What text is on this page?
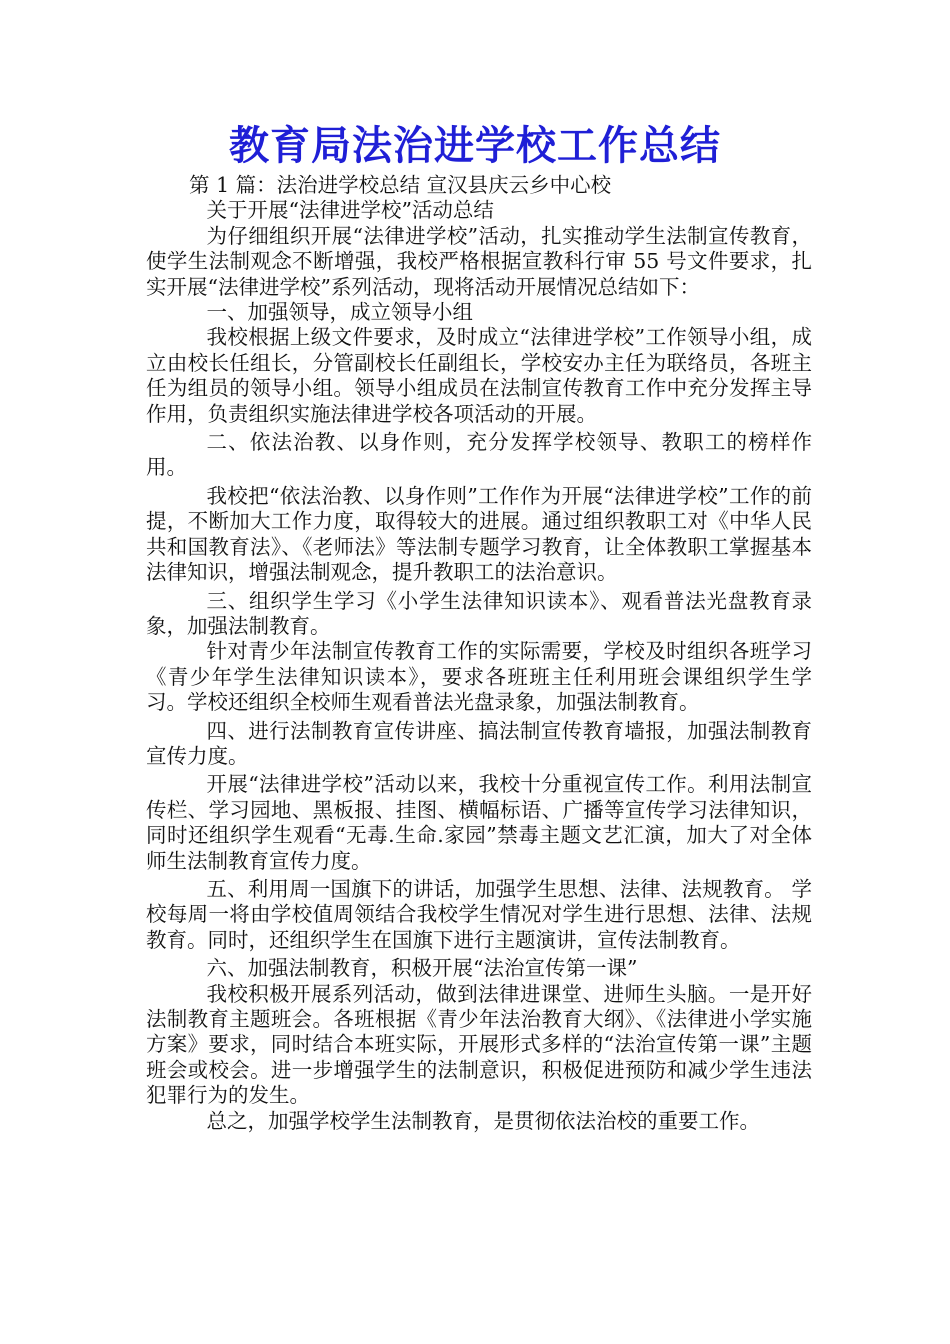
教育局法治进学校工作总结

第 1 篇：法治进学校总结 宣汉县庆云乡中心校

关于开展“法律进学校”活动总结

为仔细组织开展“法律进学校”活动，扎实推动学生法制宣传教育，使学生法制观念不断增强，我校严格根据宣教科行审 55 号文件要求，扎实开展“法律进学校”系列活动，现将活动开展情况总结如下：

一、加强领导，成立领导小组

我校根据上级文件要求，及时成立“法律进学校”工作领导小组，成立由校长任组长，分管副校长任副组长，学校安办主任为联络员，各班主任为组员的领导小组。领导小组成员在法制宣传教育工作中充分发挥主导作用，负责组织实施法律进学校各项活动的开展。

二、依法治教、以身作则，充分发挥学校领导、教职工的榜样作用。

我校把“依法治教、以身作则”工作作为开展“法律进学校”工作的前提，不断加大工作力度，取得较大的进展。通过组织教职工对《中华人民共和国教育法》、《老师法》等法制专题学习教育，让全体教职工掌握基本法律知识，增强法制观念，提升教职工的法治意识。

三、组织学生学习《小学生法律知识读本》、观看普法光盘教育录象，加强法制教育。

针对青少年法制宣传教育工作的实际需要，学校及时组织各班学习《青少年学生法律知识读本》，要求各班班主任利用班会课组织学生学习。学校还组织全校师生观看普法光盘录象，加强法制教育。

四、进行法制教育宣传讲座、搞法制宣传教育墙报，加强法制教育宣传力度。

开展“法律进学校”活动以来，我校十分重视宣传工作。利用法制宣传栏、学习园地、黑板报、挂图、横幅标语、广播等宣传学习法律知识，同时还组织学生观看“无毒.生命.家园”禁毒主题文艺汇演，加大了对全体师生法制教育宣传力度。

五、利用周一国旗下的讲话，加强学生思想、法律、法规教育。 学校每周一将由学校值周领结合我校学生情况对学生进行思想、法律、法规教育。同时，还组织学生在国旗下进行主题演讲，宣传法制教育。

六、加强法制教育，积极开展“法治宣传第一课”

我校积极开展系列活动，做到法律进课堂、进师生头脑。一是开好法制教育主题班会。各班根据《青少年法治教育大纲》、《法律进小学实施方案》要求，同时结合本班实际，开展形式多样的“法治宣传第一课”主题班会或校会。进一步增强学生的法制意识，积极促进预防和减少学生违法犯罪行为的发生。

总之，加强学校学生法制教育，是贯彻依法治校的重要工作。
